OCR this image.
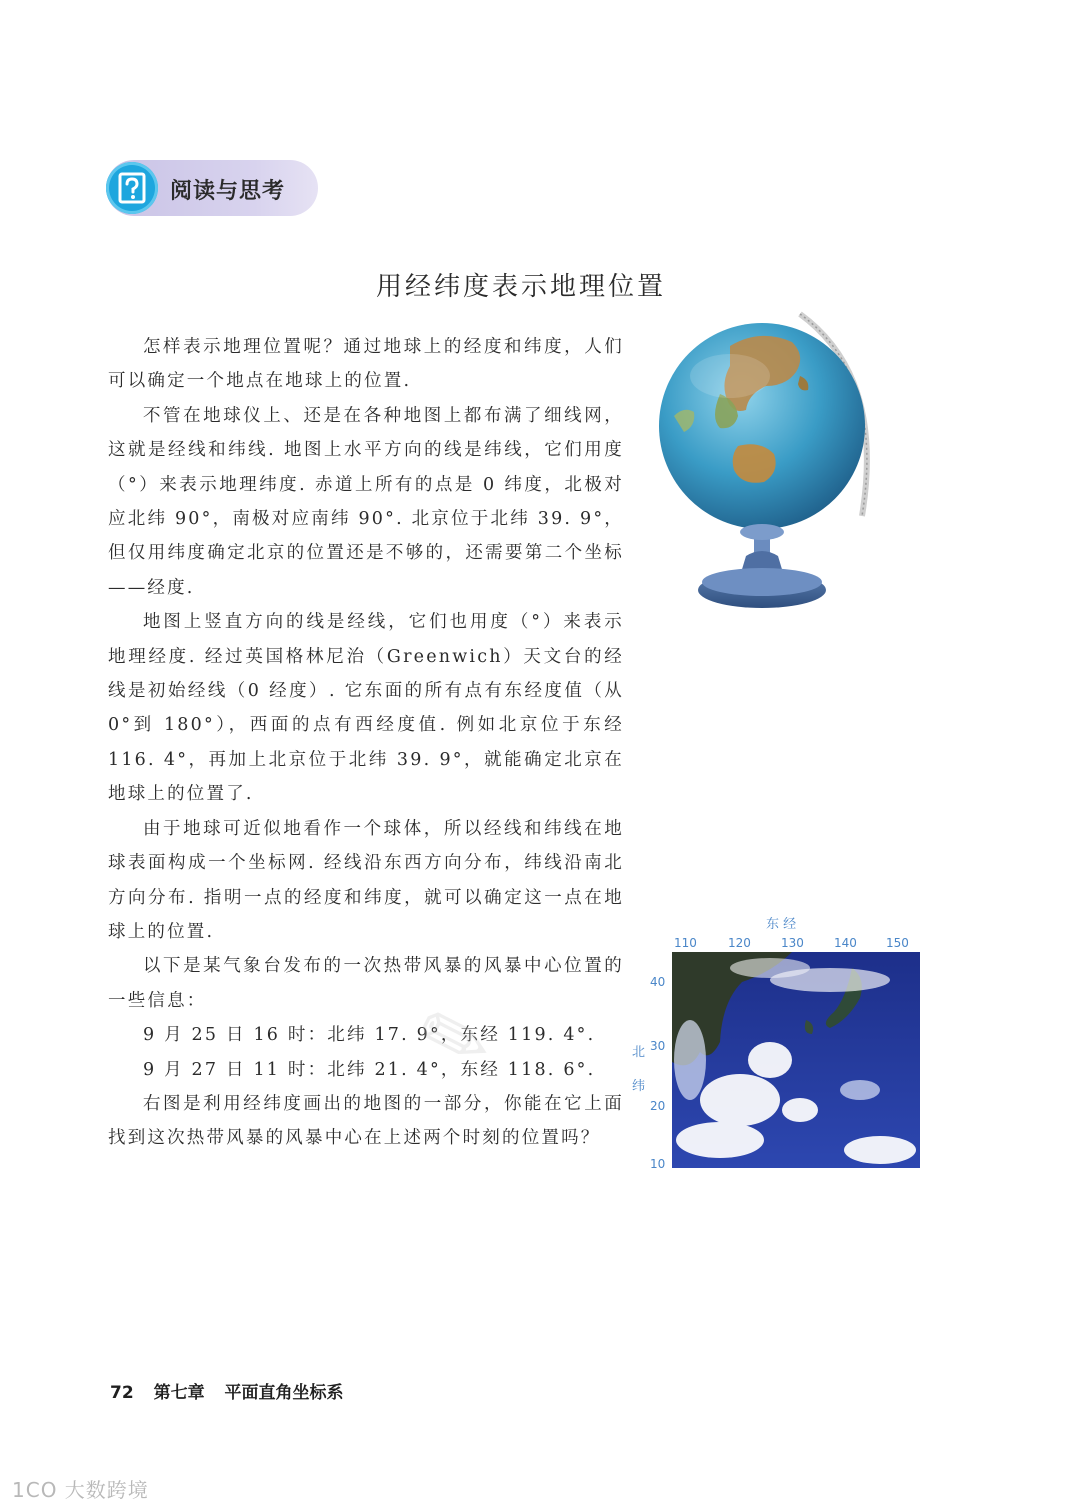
阅读与思考
用经纬度表示地理位置

怎样表示地理位置呢？通过地球上的经度和纬度，人们可以确定一个地点在地球上的位置.

不管在地球仪上、还是在各种地图上都布满了细线网，这就是经线和纬线. 地图上水平方向的线是纬线，它们用度（°）来表示地理纬度. 赤道上所有的点是 0 纬度，北极对应北纬 90°，南极对应南纬 90°. 北京位于北纬 39. 9°，但仅用纬度确定北京的位置还是不够的，还需要第二个坐标——经度.

地图上竖直方向的线是经线，它们也用度（°）来表示地理经度. 经过英国格林尼治（Greenwich）天文台的经线是初始经线（0 经度）. 它东面的所有点有东经度值（从 0°到 180°），西面的点有西经度值. 例如北京位于东经 116. 4°，再加上北京位于北纬 39. 9°，就能确定北京在地球上的位置了.

由于地球可近似地看作一个球体，所以经线和纬线在地球表面构成一个坐标网. 经线沿东西方向分布，纬线沿南北方向分布. 指明一点的经度和纬度，就可以确定这一点在地球上的位置.

以下是某气象台发布的一次热带风暴的风暴中心位置的一些信息：

9 月 25 日 16 时：北纬 17. 9°，东经 119. 4°.

9 月 27 日 11 时：北纬 21. 4°，东经 118. 6°.

右图是利用经纬度画出的地图的一部分，你能在它上面找到这次热带风暴的风暴中心在上述两个时刻的位置吗？

东 经
110	120	130	140 150
40
30
20
10
北
纬
✎
72 第七章 平面直角坐标系
1CO 大数跨境
